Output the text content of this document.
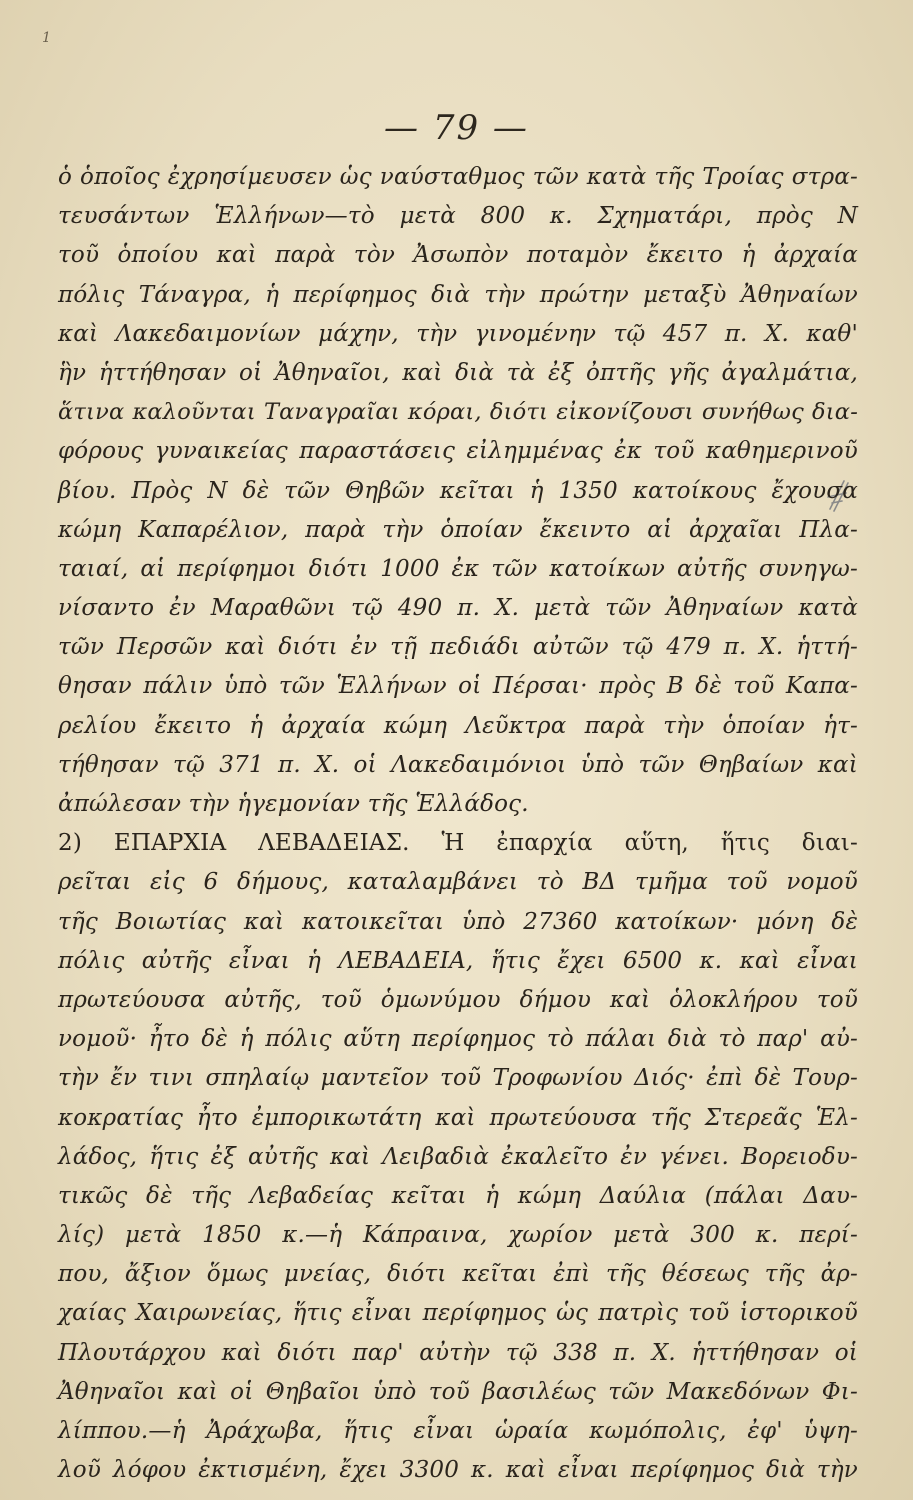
1
— 79 —
ὁ ὁποῖος ἐχρησίμευσεν ὡς ναύσταθμος τῶν κατὰ τῆς Τροίας στρα-
τευσάντων Ἑλλήνων—τὸ μετὰ 800 κ. Σχηματάρι, πρὸς Ν
τοῦ ὁποίου καὶ παρὰ τὸν Ἀσωπὸν ποταμὸν ἔκειτο ἡ ἀρχαία
πόλις Τάναγρα, ἡ περίφημος διὰ τὴν πρώτην μεταξὺ Ἀθηναίων
καὶ Λακεδαιμονίων μάχην, τὴν γινομένην τῷ 457 π. Χ. καθ'
ἣν ἡττήθησαν οἱ Ἀθηναῖοι, καὶ διὰ τὰ ἐξ ὀπτῆς γῆς ἀγαλμάτια,
ἅτινα καλοῦνται Ταναγραῖαι κόραι, διότι εἰκονίζουσι συνήθως δια-
φόρους γυναικείας παραστάσεις εἰλημμένας ἐκ τοῦ καθημερινοῦ
βίου. Πρὸς Ν δὲ τῶν Θηβῶν κεῖται ἡ 1350 κατοίκους ἔχουσα
κώμη Καπαρέλιον, παρὰ τὴν ὁποίαν ἔκειντο αἱ ἀρχαῖαι Πλα-
ταιαί, αἱ περίφημοι διότι 1000 ἐκ τῶν κατοίκων αὐτῆς συνηγω-
νίσαντο ἐν Μαραθῶνι τῷ 490 π. Χ. μετὰ τῶν Ἀθηναίων κατὰ
τῶν Περσῶν καὶ διότι ἐν τῇ πεδιάδι αὐτῶν τῷ 479 π. Χ. ἡττή-
θησαν πάλιν ὑπὸ τῶν Ἑλλήνων οἱ Πέρσαι· πρὸς Β δὲ τοῦ Καπα-
ρελίου ἔκειτο ἡ ἀρχαία κώμη Λεῦκτρα παρὰ τὴν ὁποίαν ἡτ-
τήθησαν τῷ 371 π. Χ. οἱ Λακεδαιμόνιοι ὑπὸ τῶν Θηβαίων καὶ
ἀπώλεσαν τὴν ἡγεμονίαν τῆς Ἑλλάδος.
2) ΕΠΑΡΧΙΑ ΛΕΒΑΔΕΙΑΣ. Ἡ ἐπαρχία αὕτη, ἥτις διαι-
ρεῖται εἰς 6 δήμους, καταλαμβάνει τὸ ΒΔ τμῆμα τοῦ νομοῦ
τῆς Βοιωτίας καὶ κατοικεῖται ὑπὸ 27360 κατοίκων· μόνη δὲ
πόλις αὐτῆς εἶναι ἡ ΛΕΒΑΔΕΙΑ, ἥτις ἔχει 6500 κ. καὶ εἶναι
πρωτεύουσα αὐτῆς, τοῦ ὁμωνύμου δήμου καὶ ὁλοκλήρου τοῦ
νομοῦ· ἦτο δὲ ἡ πόλις αὕτη περίφημος τὸ πάλαι διὰ τὸ παρ' αὐ-
τὴν ἔν τινι σπηλαίῳ μαντεῖον τοῦ Τροφωνίου Διός· ἐπὶ δὲ Τουρ-
κοκρατίας ἦτο ἐμπορικωτάτη καὶ πρωτεύουσα τῆς Στερεᾶς Ἑλ-
λάδος, ἥτις ἐξ αὐτῆς καὶ Λειβαδιὰ ἐκαλεῖτο ἐν γένει. Βορειοδυ-
τικῶς δὲ τῆς Λεβαδείας κεῖται ἡ κώμη Δαύλια (πάλαι Δαυ-
λίς) μετὰ 1850 κ.—ἡ Κάπραινα, χωρίον μετὰ 300 κ. περί-
που, ἄξιον ὅμως μνείας, διότι κεῖται ἐπὶ τῆς θέσεως τῆς ἀρ-
χαίας Χαιρωνείας, ἥτις εἶναι περίφημος ὡς πατρὶς τοῦ ἱστορικοῦ
Πλουτάρχου καὶ διότι παρ' αὐτὴν τῷ 338 π. Χ. ἡττήθησαν οἱ
Ἀθηναῖοι καὶ οἱ Θηβαῖοι ὑπὸ τοῦ βασιλέως τῶν Μακεδόνων Φι-
λίππου.—ἡ Ἀράχωβα, ἥτις εἶναι ὡραία κωμόπολις, ἐφ' ὑψη-
λοῦ λόφου ἐκτισμένη, ἔχει 3300 κ. καὶ εἶναι περίφημος διὰ τὴν
